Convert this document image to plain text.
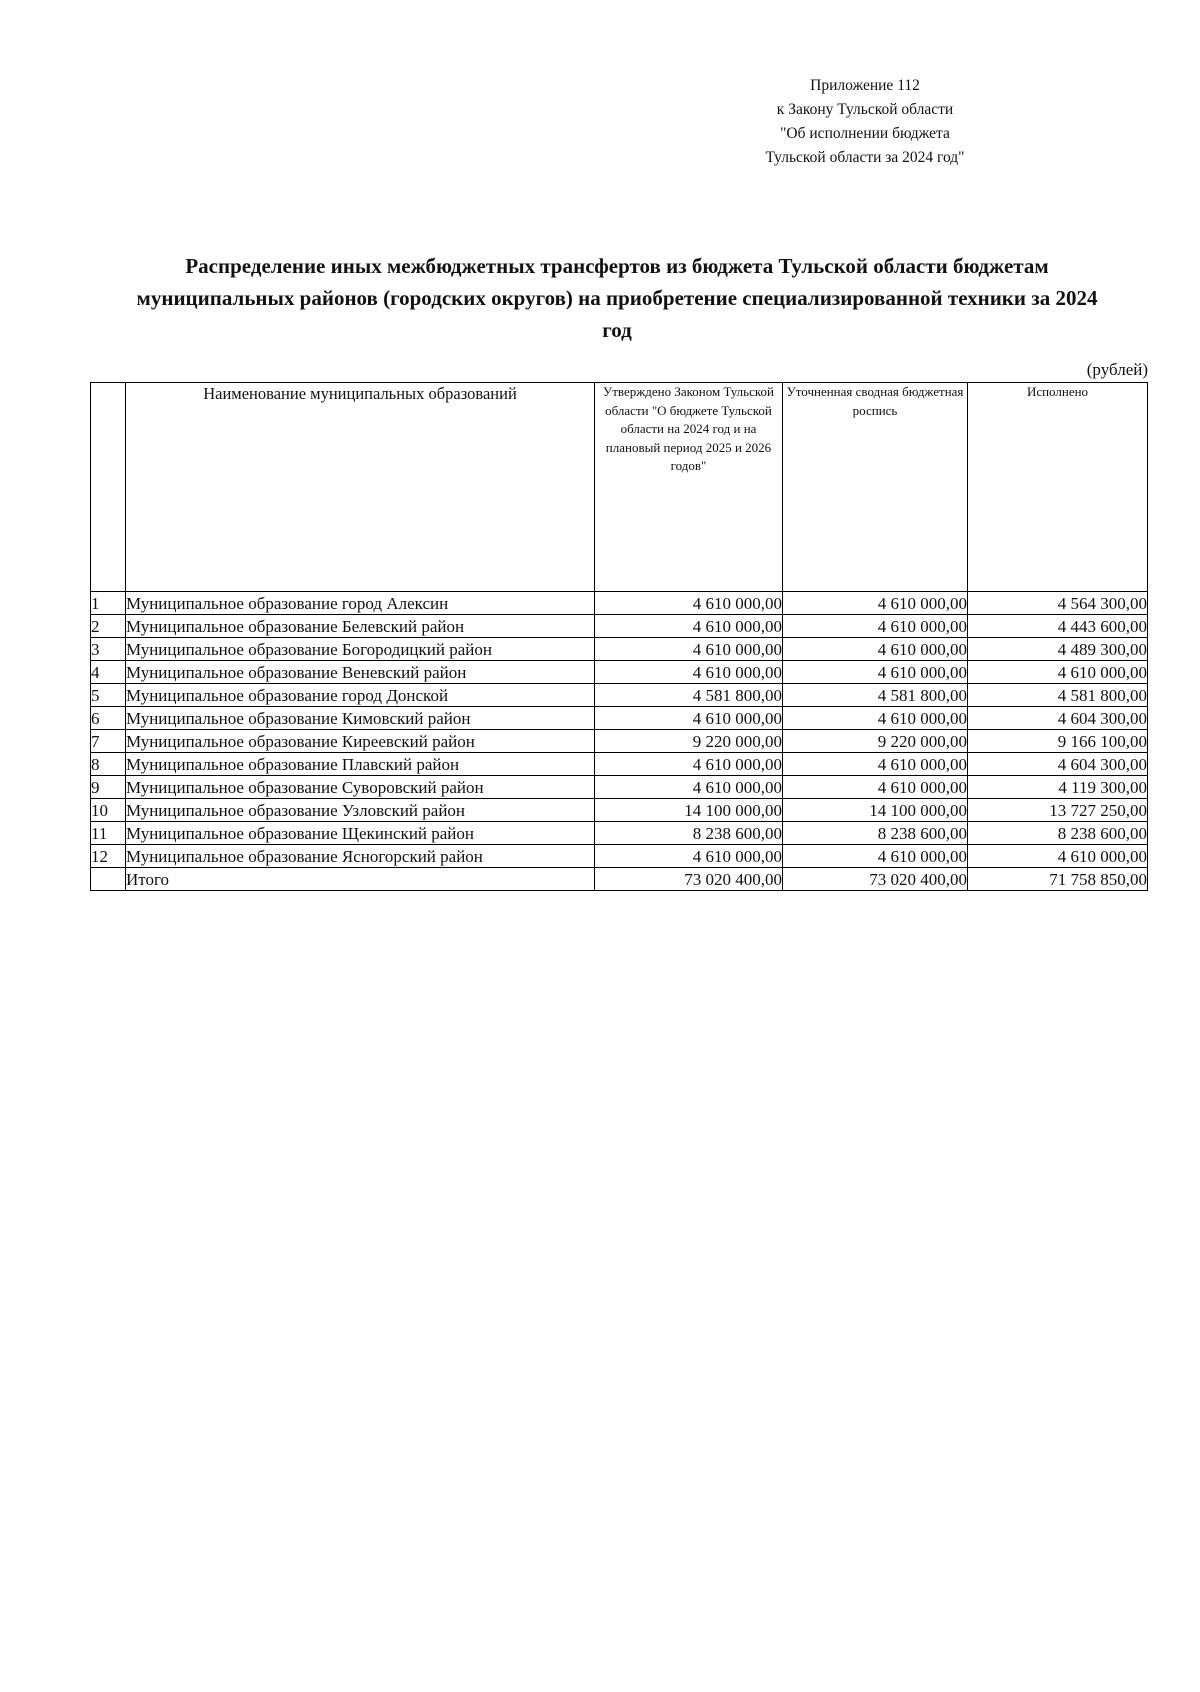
Приложение 112
к Закону Тульской области
"Об исполнении бюджета
Тульской области за 2024 год"
Распределение иных межбюджетных трансфертов из бюджета Тульской области бюджетам
муниципальных районов (городских округов) на приобретение специализированной техники за 2024
год
(рублей)
	Наименование муниципальных образований	Утверждено Законом Тульской области "О бюджете Тульской области на 2024 год и на плановый период 2025 и 2026 годов"	Уточненная сводная бюджетная роспись	Исполнено
1	Муниципальное образование город Алексин	4 610 000,00	4 610 000,00	4 564 300,00
2	Муниципальное образование Белевский район	4 610 000,00	4 610 000,00	4 443 600,00
3	Муниципальное образование Богородицкий район	4 610 000,00	4 610 000,00	4 489 300,00
4	Муниципальное образование Веневский район	4 610 000,00	4 610 000,00	4 610 000,00
5	Муниципальное образование город Донской	4 581 800,00	4 581 800,00	4 581 800,00
6	Муниципальное образование Кимовский район	4 610 000,00	4 610 000,00	4 604 300,00
7	Муниципальное образование Киреевский район	9 220 000,00	9 220 000,00	9 166 100,00
8	Муниципальное образование Плавский район	4 610 000,00	4 610 000,00	4 604 300,00
9	Муниципальное образование Суворовский район	4 610 000,00	4 610 000,00	4 119 300,00
10	Муниципальное образование Узловский район	14 100 000,00	14 100 000,00	13 727 250,00
11	Муниципальное образование Щекинский район	8 238 600,00	8 238 600,00	8 238 600,00
12	Муниципальное образование Ясногорский район	4 610 000,00	4 610 000,00	4 610 000,00
	Итого	73 020 400,00	73 020 400,00	71 758 850,00
